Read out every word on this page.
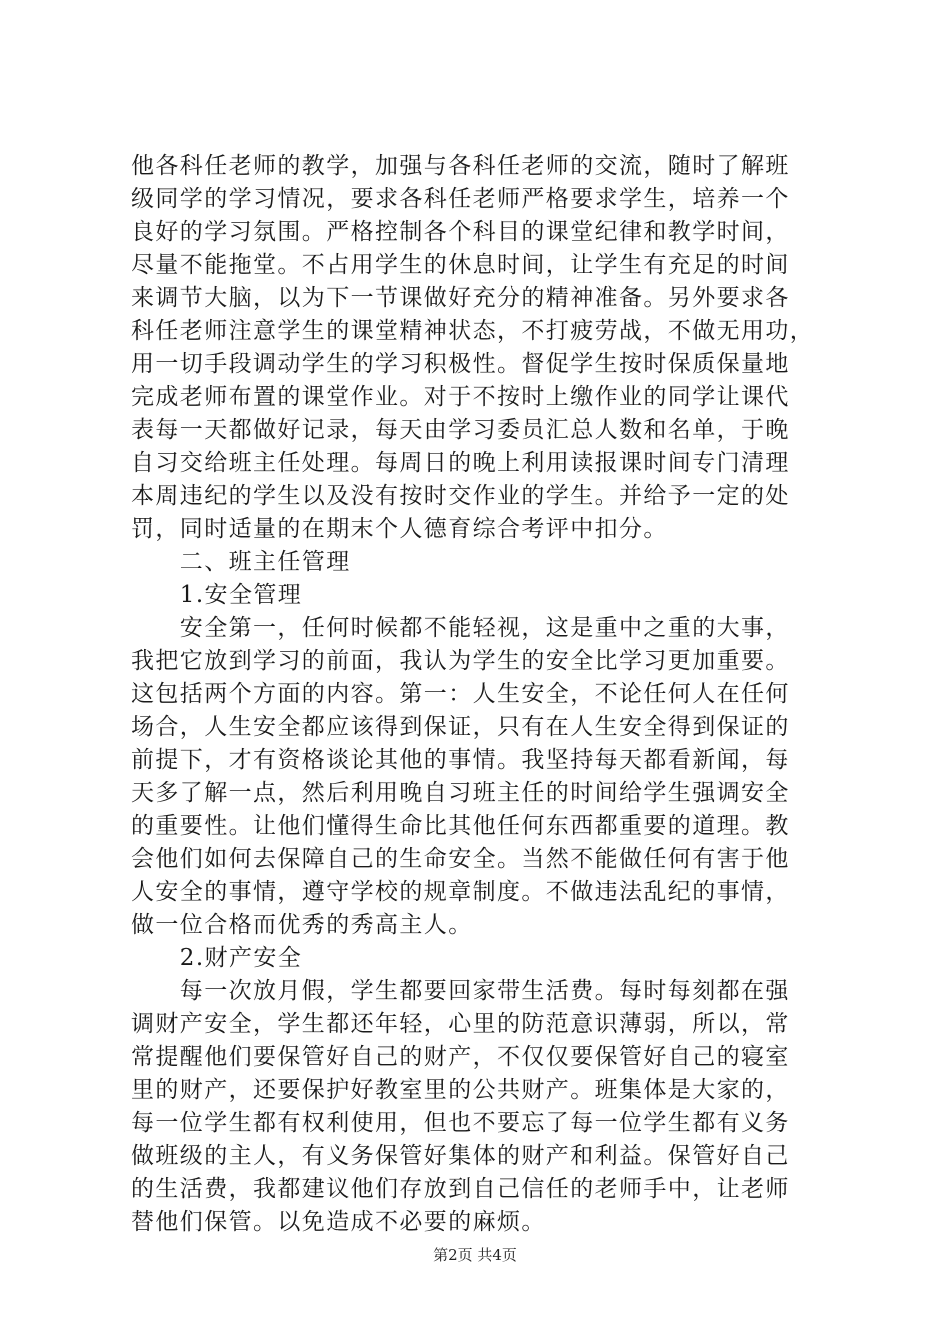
他各科任老师的教学，加强与各科任老师的交流，随时了解班
级同学的学习情况，要求各科任老师严格要求学生，培养一个
良好的学习氛围。严格控制各个科目的课堂纪律和教学时间，
尽量不能拖堂。不占用学生的休息时间，让学生有充足的时间
来调节大脑，以为下一节课做好充分的精神准备。另外要求各
科任老师注意学生的课堂精神状态，不打疲劳战，不做无用功，
用一切手段调动学生的学习积极性。督促学生按时保质保量地
完成老师布置的课堂作业。对于不按时上缴作业的同学让课代
表每一天都做好记录，每天由学习委员汇总人数和名单，于晚
自习交给班主任处理。每周日的晚上利用读报课时间专门清理
本周违纪的学生以及没有按时交作业的学生。并给予一定的处
罚，同时适量的在期末个人德育综合考评中扣分。
　　二、班主任管理
　　1.安全管理
　　安全第一，任何时候都不能轻视，这是重中之重的大事，
我把它放到学习的前面，我认为学生的安全比学习更加重要。
这包括两个方面的内容。第一：人生安全，不论任何人在任何
场合，人生安全都应该得到保证，只有在人生安全得到保证的
前提下，才有资格谈论其他的事情。我坚持每天都看新闻，每
天多了解一点，然后利用晚自习班主任的时间给学生强调安全
的重要性。让他们懂得生命比其他任何东西都重要的道理。教
会他们如何去保障自己的生命安全。当然不能做任何有害于他
人安全的事情，遵守学校的规章制度。不做违法乱纪的事情，
做一位合格而优秀的秀高主人。
　　2.财产安全
　　每一次放月假，学生都要回家带生活费。每时每刻都在强
调财产安全，学生都还年轻，心里的防范意识薄弱，所以，常
常提醒他们要保管好自己的财产，不仅仅要保管好自己的寝室
里的财产，还要保护好教室里的公共财产。班集体是大家的，
每一位学生都有权利使用，但也不要忘了每一位学生都有义务
做班级的主人，有义务保管好集体的财产和利益。保管好自己
的生活费，我都建议他们存放到自己信任的老师手中，让老师
替他们保管。以免造成不必要的麻烦。
第2页 共4页
